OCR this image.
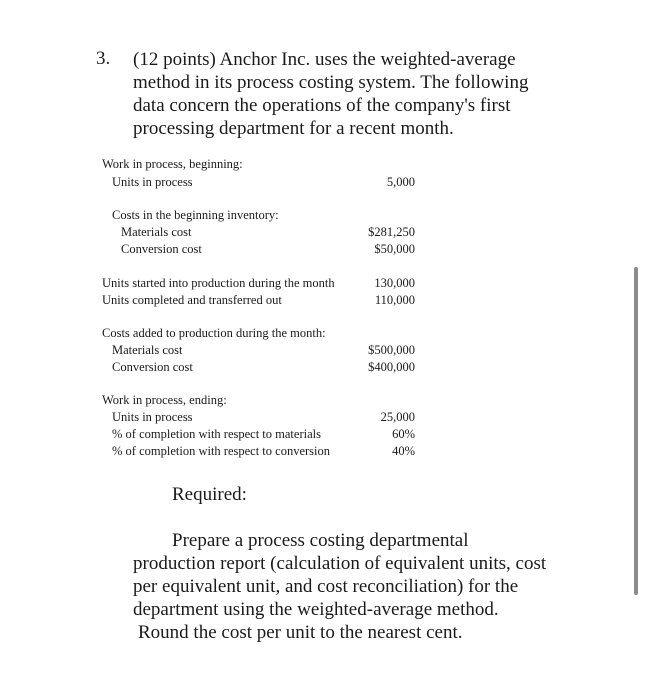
3. (12 points) Anchor Inc. uses the weighted-average
method in its process costing system. The following
data concern the operations of the company's first
processing department for a recent month.
Work in process, beginning:
Units in process	5,000
Costs in the beginning inventory:
Materials cost	$281,250
Conversion cost	$50,000
Units started into production during the month	130,000
Units completed and transferred out	110,000
Costs added to production during the month:
Materials cost	$500,000
Conversion cost	$400,000
Work in process, ending:
Units in process	25,000
% of completion with respect to materials	60%
% of completion with respect to conversion	40%
Required:
Prepare a process costing departmental
production report (calculation of equivalent units, cost
per equivalent unit, and cost reconciliation) for the
department using the weighted-average method.
Round the cost per unit to the nearest cent.
